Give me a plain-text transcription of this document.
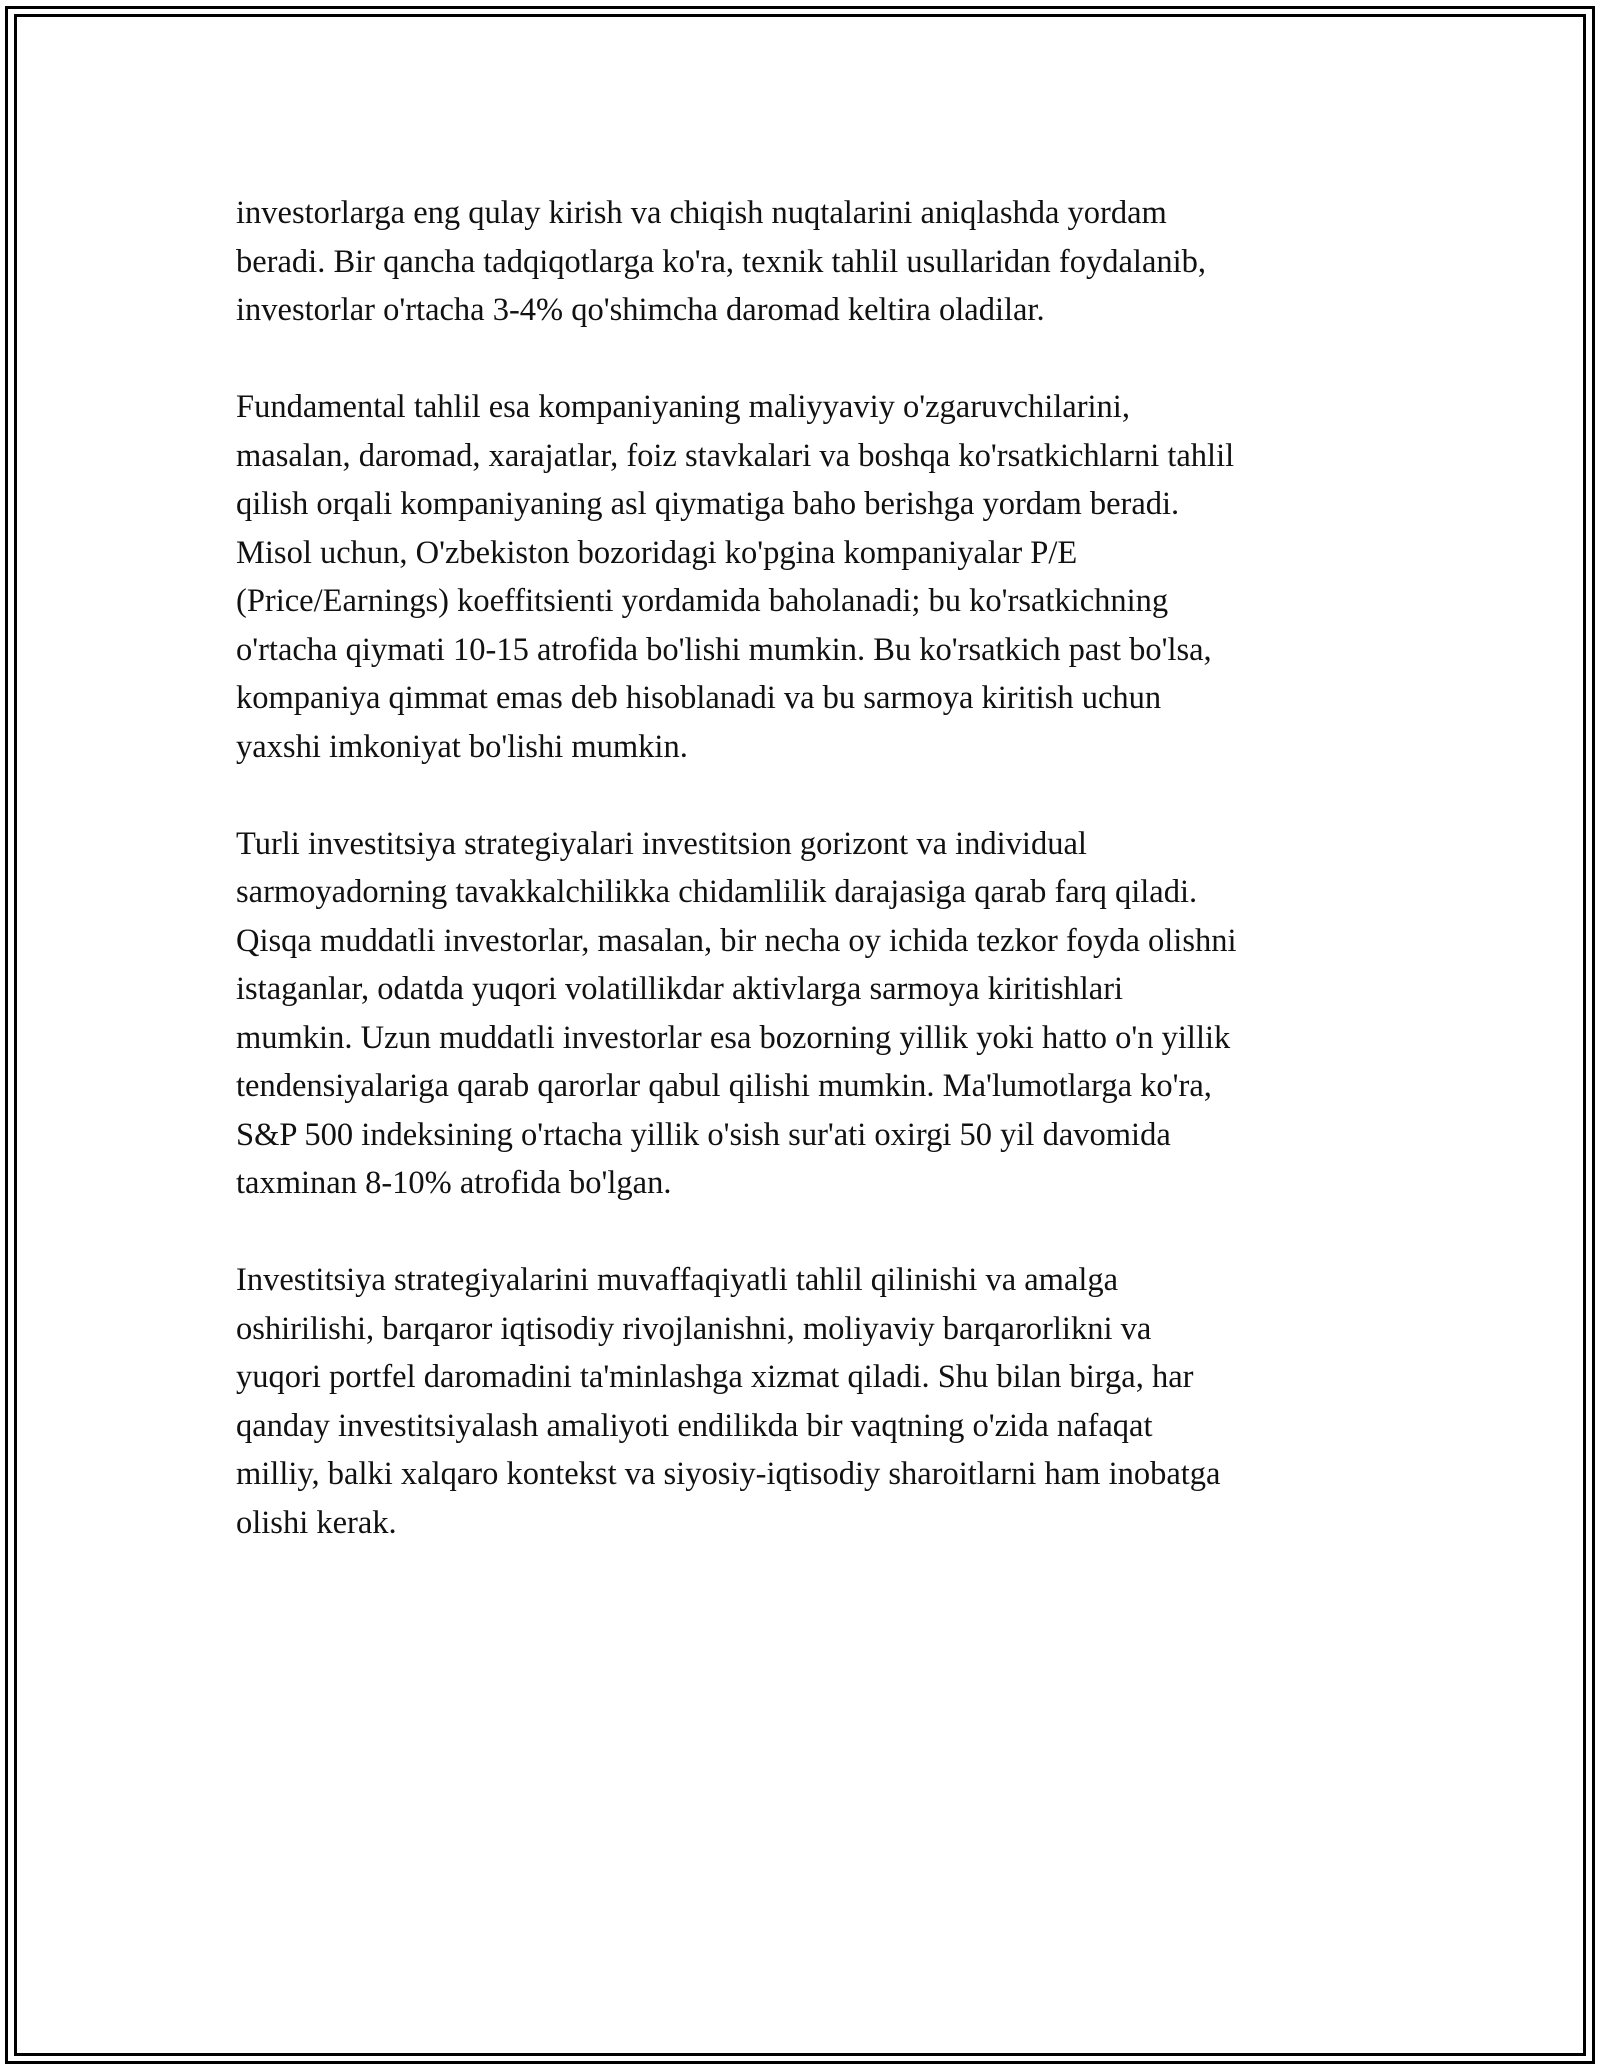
investorlarga eng qulay kirish va chiqish nuqtalarini aniqlashda yordam
beradi. Bir qancha tadqiqotlarga ko'ra, texnik tahlil usullaridan foydalanib,
investorlar o'rtacha 3-4% qo'shimcha daromad keltira oladilar.

Fundamental tahlil esa kompaniyaning maliyyaviy o'zgaruvchilarini,
masalan, daromad, xarajatlar, foiz stavkalari va boshqa ko'rsatkichlarni tahlil
qilish orqali kompaniyaning asl qiymatiga baho berishga yordam beradi.
Misol uchun, O'zbekiston bozoridagi ko'pgina kompaniyalar P/E
(Price/Earnings) koeffitsienti yordamida baholanadi; bu ko'rsatkichning
o'rtacha qiymati 10-15 atrofida bo'lishi mumkin. Bu ko'rsatkich past bo'lsa,
kompaniya qimmat emas deb hisoblanadi va bu sarmoya kiritish uchun
yaxshi imkoniyat bo'lishi mumkin.

Turli investitsiya strategiyalari investitsion gorizont va individual
sarmoyadorning tavakkalchilikka chidamlilik darajasiga qarab farq qiladi.
Qisqa muddatli investorlar, masalan, bir necha oy ichida tezkor foyda olishni
istaganlar, odatda yuqori volatillikdar aktivlarga sarmoya kiritishlari
mumkin. Uzun muddatli investorlar esa bozorning yillik yoki hatto o'n yillik
tendensiyalariga qarab qarorlar qabul qilishi mumkin. Ma'lumotlarga ko'ra,
S&P 500 indeksining o'rtacha yillik o'sish sur'ati oxirgi 50 yil davomida
taxminan 8-10% atrofida bo'lgan.

Investitsiya strategiyalarini muvaffaqiyatli tahlil qilinishi va amalga
oshirilishi, barqaror iqtisodiy rivojlanishni, moliyaviy barqarorlikni va
yuqori portfel daromadini ta'minlashga xizmat qiladi. Shu bilan birga, har
qanday investitsiyalash amaliyoti endilikda bir vaqtning o'zida nafaqat
milliy, balki xalqaro kontekst va siyosiy-iqtisodiy sharoitlarni ham inobatga
olishi kerak.
